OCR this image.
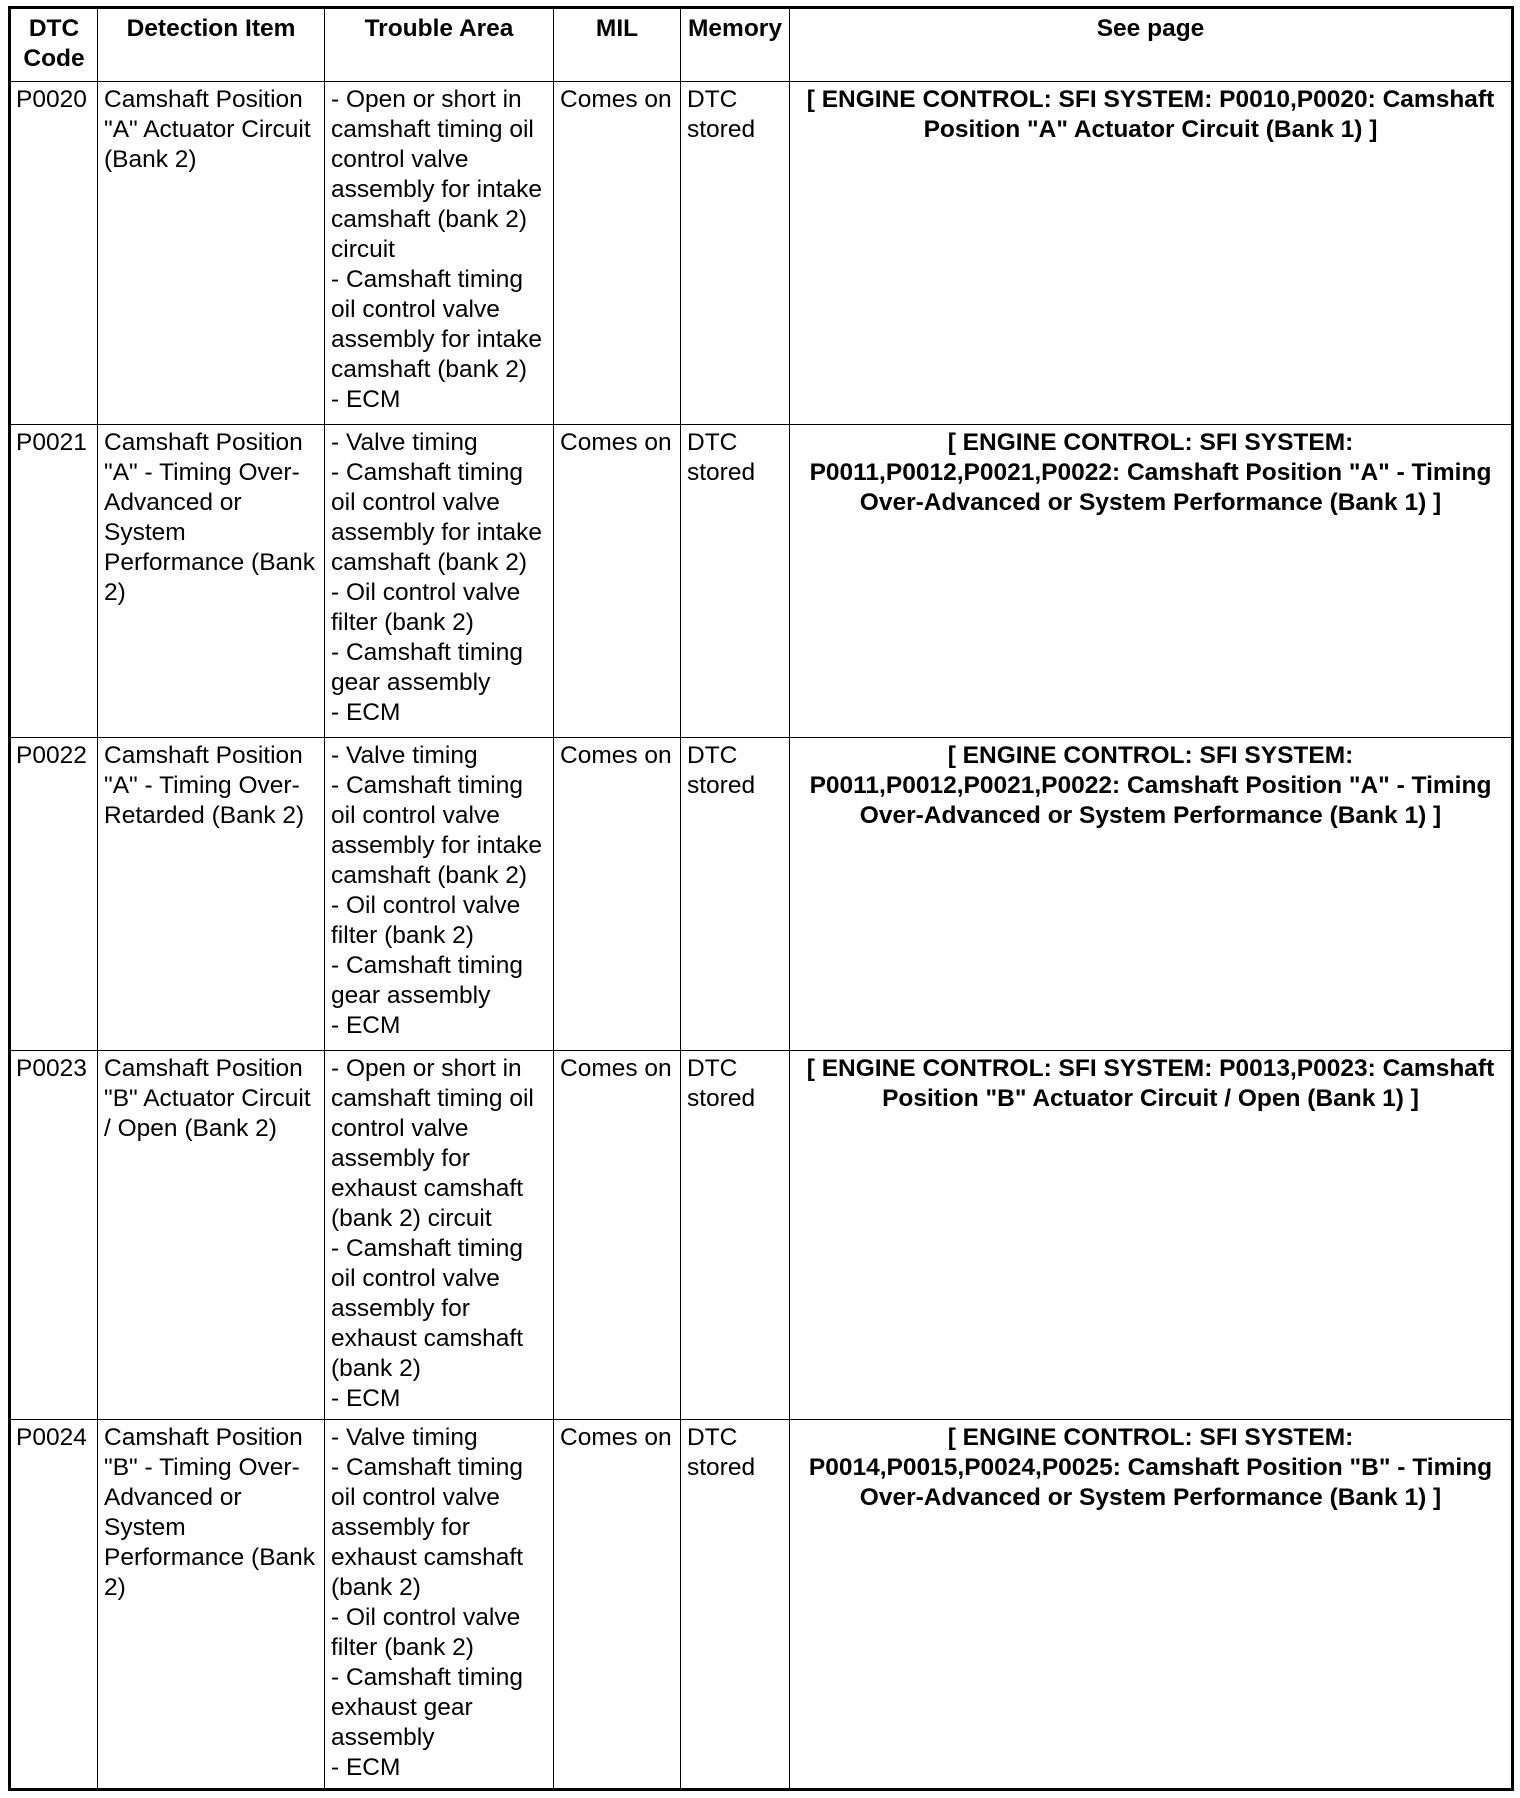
DTC Code	Detection Item	Trouble Area	MIL	Memory	See page
P0020	Camshaft Position "A" Actuator Circuit (Bank 2)	- Open or short in camshaft timing oil control valve assembly for intake camshaft (bank 2) circuit
- Camshaft timing oil control valve assembly for intake camshaft (bank 2)
- ECM	Comes on	DTC stored	[ ENGINE CONTROL: SFI SYSTEM: P0010,P0020: Camshaft Position "A" Actuator Circuit (Bank 1) ]
P0021	Camshaft Position "A" - Timing Over-Advanced or System Performance (Bank 2)	- Valve timing
- Camshaft timing oil control valve assembly for intake camshaft (bank 2)
- Oil control valve filter (bank 2)
- Camshaft timing gear assembly
- ECM	Comes on	DTC stored	[ ENGINE CONTROL: SFI SYSTEM: P0011,P0012,P0021,P0022: Camshaft Position "A" - Timing Over-Advanced or System Performance (Bank 1) ]
P0022	Camshaft Position "A" - Timing Over-Retarded (Bank 2)	- Valve timing
- Camshaft timing oil control valve assembly for intake camshaft (bank 2)
- Oil control valve filter (bank 2)
- Camshaft timing gear assembly
- ECM	Comes on	DTC stored	[ ENGINE CONTROL: SFI SYSTEM: P0011,P0012,P0021,P0022: Camshaft Position "A" - Timing Over-Advanced or System Performance (Bank 1) ]
P0023	Camshaft Position "B" Actuator Circuit / Open (Bank 2)	- Open or short in camshaft timing oil control valve assembly for exhaust camshaft (bank 2) circuit
- Camshaft timing oil control valve assembly for exhaust camshaft (bank 2)
- ECM	Comes on	DTC stored	[ ENGINE CONTROL: SFI SYSTEM: P0013,P0023: Camshaft Position "B" Actuator Circuit / Open (Bank 1) ]
P0024	Camshaft Position "B" - Timing Over-Advanced or System Performance (Bank 2)	- Valve timing
- Camshaft timing oil control valve assembly for exhaust camshaft (bank 2)
- Oil control valve filter (bank 2)
- Camshaft timing exhaust gear assembly
- ECM	Comes on	DTC stored	[ ENGINE CONTROL: SFI SYSTEM: P0014,P0015,P0024,P0025: Camshaft Position "B" - Timing Over-Advanced or System Performance (Bank 1) ]
